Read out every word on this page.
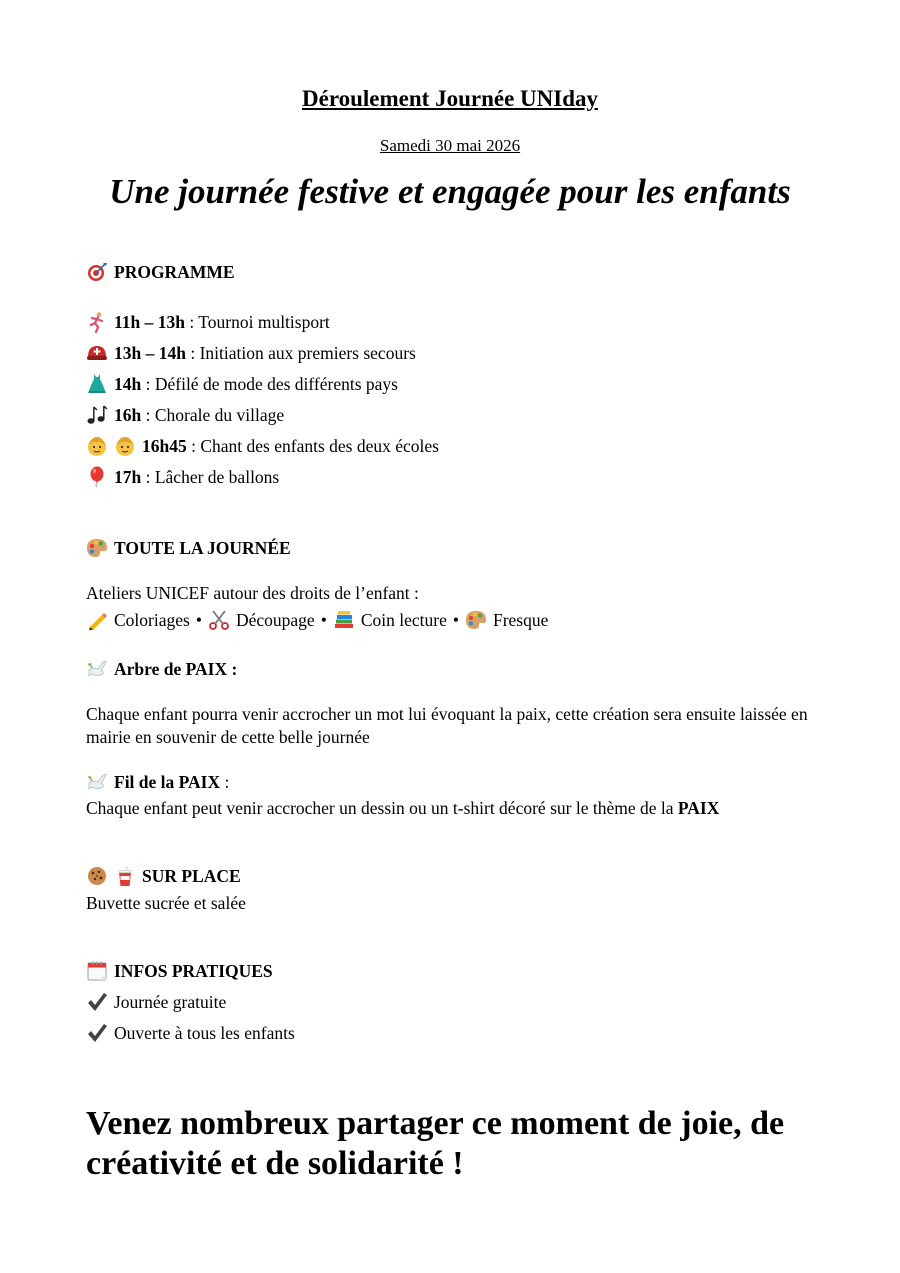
Déroulement Journée UNIday
Samedi 30 mai 2026
Une journée festive et engagée pour les enfants
PROGRAMME
11h – 13h : Tournoi multisport
13h – 14h : Initiation aux premiers secours
14h : Défilé de mode des différents pays
16h : Chorale du village
16h45 : Chant des enfants des deux écoles
17h : Lâcher de ballons
TOUTE LA JOURNÉE
Ateliers UNICEF autour des droits de l’enfant :
Coloriages • Découpage • Coin lecture • Fresque
Arbre de PAIX :
Chaque enfant pourra venir accrocher un mot lui évoquant la paix, cette création sera ensuite laissée en mairie en souvenir de cette belle journée
Fil de la PAIX :
Chaque enfant peut venir accrocher un dessin ou un t-shirt décoré sur le thème de la PAIX
SUR PLACE
Buvette sucrée et salée
INFOS PRATIQUES
Journée gratuite
Ouverte à tous les enfants
Venez nombreux partager ce moment de joie, de créativité et de solidarité !
